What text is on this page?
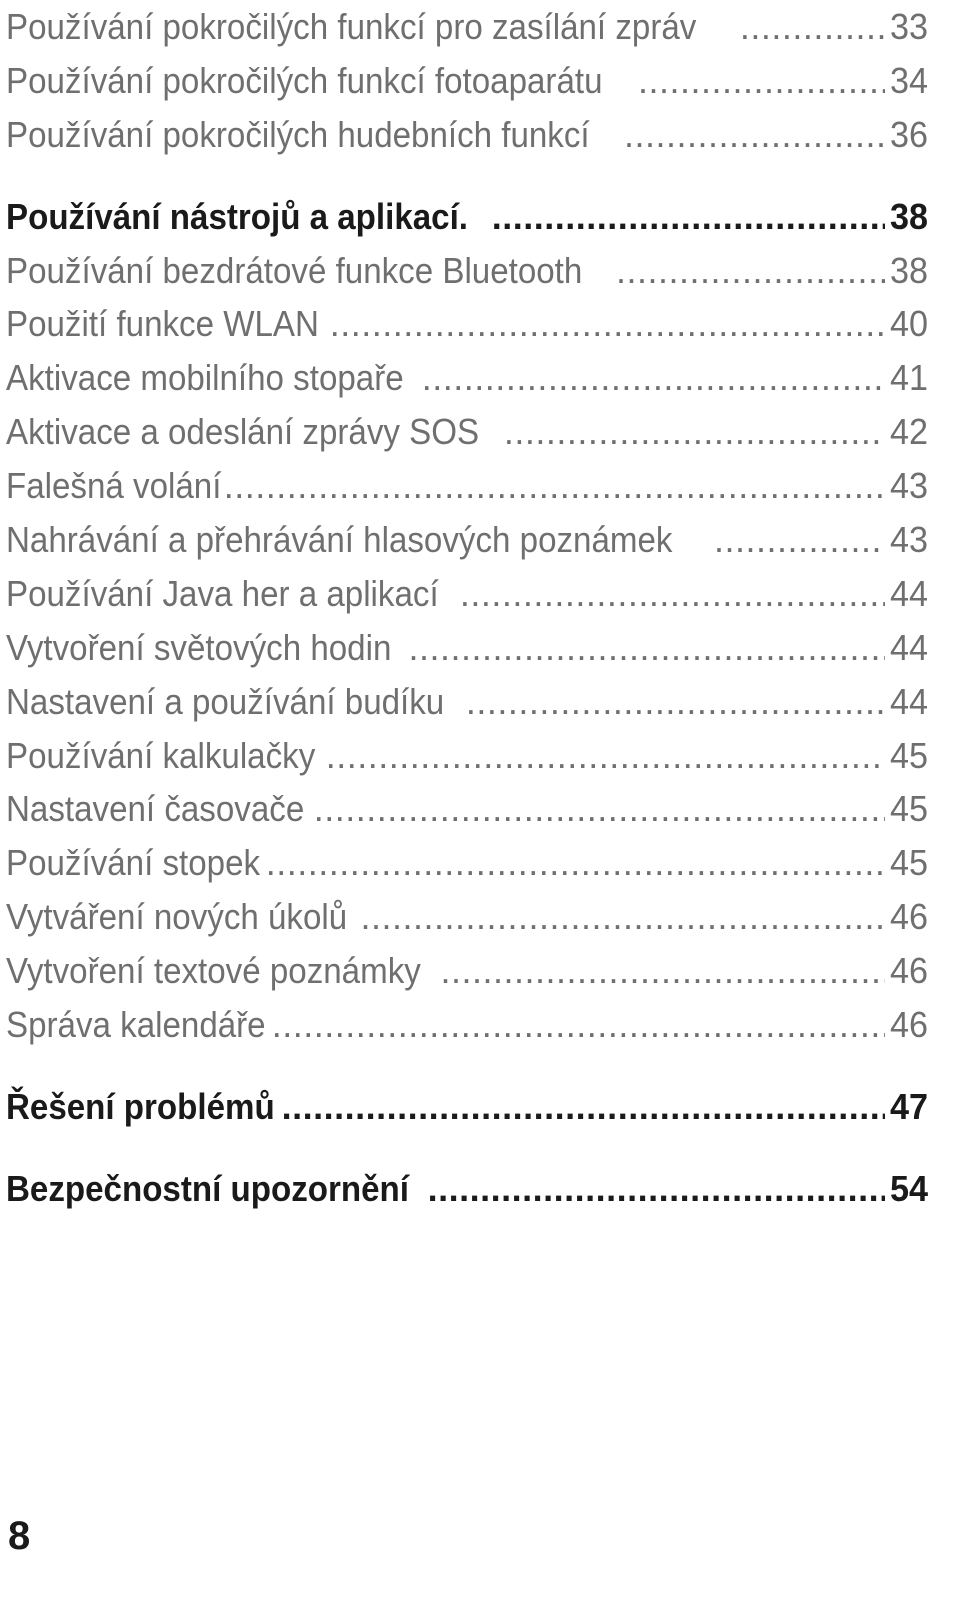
Používání pokročilých funkcí pro zasílání zpráv .....	33
Používání pokročilých funkcí fotoaparátu .....	34
Používání pokročilých hudebních funkcí .....	36
Používání nástrojů a aplikací. .....	38
Používání bezdrátové funkce Bluetooth .....	38
Použití funkce WLAN .....	40
Aktivace mobilního stopaře .....	41
Aktivace a odeslání zprávy SOS .....	42
Falešná volání .....	43
Nahrávání a přehrávání hlasových poznámek .....	43
Používání Java her a aplikací .....	44
Vytvoření světových hodin .....	44
Nastavení a používání budíku .....	44
Používání kalkulačky .....	45
Nastavení časovače .....	45
Používání stopek .....	45
Vytváření nových úkolů .....	46
Vytvoření textové poznámky .....	46
Správa kalendáře .....	46
Řešení problémů .....	47
Bezpečnostní upozornění .....	54
8
